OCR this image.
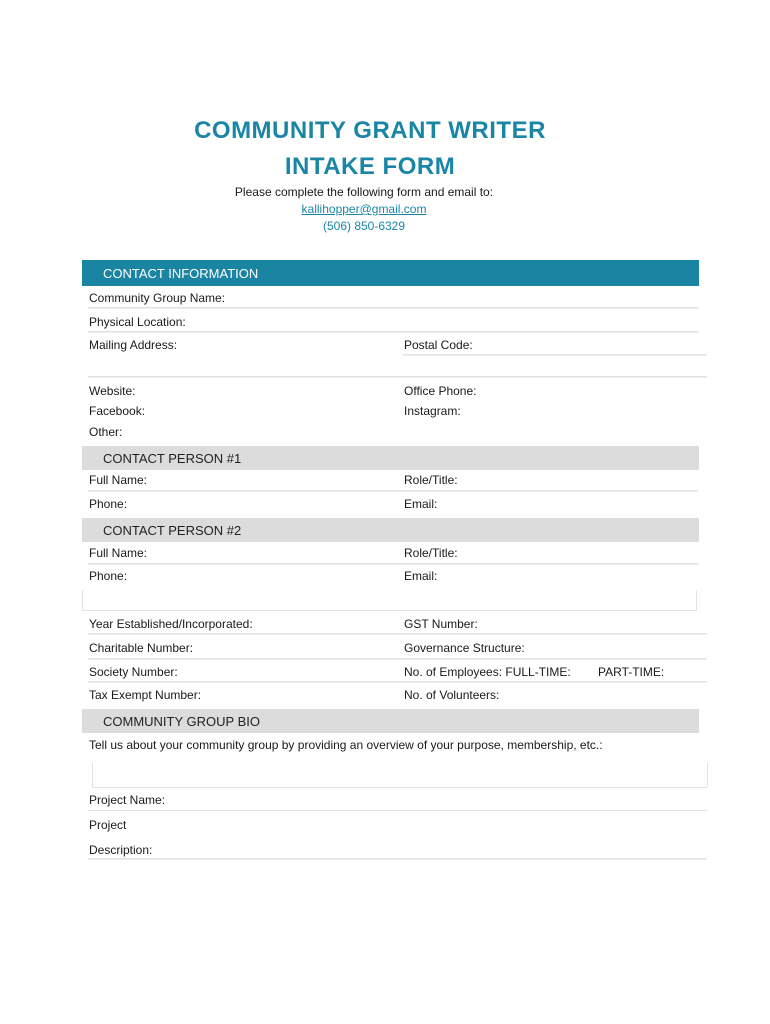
COMMUNITY GRANT WRITER
INTAKE FORM
Please complete the following form and email to:
kallihopper@gmail.com
(506) 850-6329
CONTACT INFORMATION
Community Group Name:
Physical Location:
Mailing Address:	Postal Code:
Website:	Office Phone:
Facebook:	Instagram:
Other:
CONTACT PERSON #1
Full Name:	Role/Title:
Phone:	Email:
CONTACT PERSON #2
Full Name:	Role/Title:
Phone:	Email:
Year Established/Incorporated:	GST Number:
Charitable Number:	Governance Structure:
Society Number:	No. of Employees: FULL-TIME: PART-TIME:
Tax Exempt Number:	No. of Volunteers:
COMMUNITY GROUP BIO
Tell us about your community group by providing an overview of your purpose, membership, etc.:
Project Name:
Project
Description:
